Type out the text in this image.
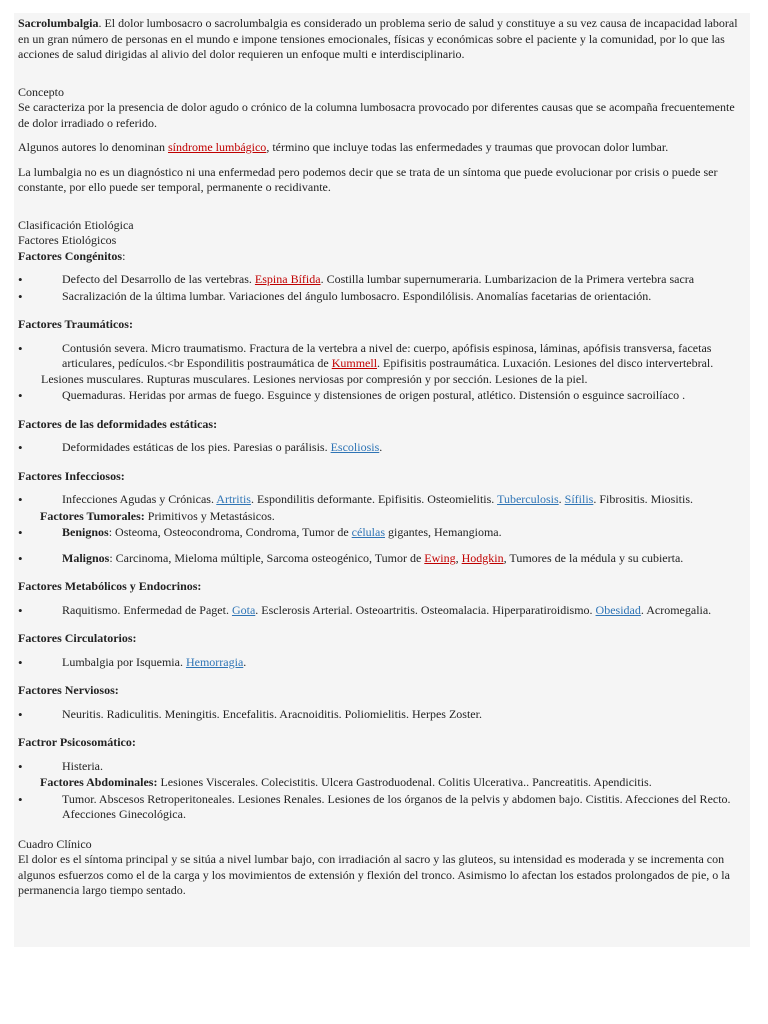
Sacrolumbalgia. El dolor lumbosacro o sacrolumbalgia es considerado un problema serio de salud y constituye a su vez causa de incapacidad laboral en un gran número de personas en el mundo e impone tensiones emocionales, físicas y económicas sobre el paciente y la comunidad, por lo que las acciones de salud dirigidas al alivio del dolor requieren un enfoque multi e interdisciplinario.

Concepto

Se caracteriza por la presencia de dolor agudo o crónico de la columna lumbosacra provocado por diferentes causas que se acompaña frecuentemente de dolor irradiado o referido.

Algunos autores lo denominan síndrome lumbágico, término que incluye todas las enfermedades y traumas que provocan dolor lumbar.

La lumbalgia no es un diagnóstico ni una enfermedad pero podemos decir que se trata de un síntoma que puede evolucionar por crisis o puede ser constante, por ello puede ser temporal, permanente o recidivante.

Clasificación Etiológica

Factores Etiológicos

Factores Congénitos:

• Defecto del Desarrollo de las vertebras. Espina Bífida. Costilla lumbar supernumeraria. Lumbarizacion de la Primera vertebra sacra
• Sacralización de la última lumbar. Variaciones del ángulo lumbosacro. Espondilólisis. Anomalías facetarias de orientación.

Factores Traumáticos:

• Contusión severa. Micro traumatismo. Fractura de la vertebra a nivel de: cuerpo, apófisis espinosa, láminas, apófisis transversa, facetas articulares, pedículos.<br Espondilitis postraumática de Kummell. Epifisitis postraumática. Luxación. Lesiones del disco intervertebral.
Lesiones musculares. Rupturas musculares. Lesiones nerviosas por compresión y por sección. Lesiones de la piel.
• Quemaduras. Heridas por armas de fuego. Esguince y distensiones de origen postural, atlético. Distensión o esguince sacroilíaco .

Factores de las deformidades estáticas:

• Deformidades estáticas de los pies. Paresias o parálisis. Escoliosis.

Factores Infecciosos:

• Infecciones Agudas y Crónicas. Artritis. Espondilitis deformante. Epifisitis. Osteomielitis. Tuberculosis. Sífilis. Fibrositis. Miositis.

Factores Tumorales: Primitivos y Metastásicos.

• Benignos: Osteoma, Osteocondroma, Condroma, Tumor de células gigantes, Hemangioma.
• Malignos: Carcinoma, Mieloma múltiple, Sarcoma osteogénico, Tumor de Ewing, Hodgkin, Tumores de la médula y su cubierta.

Factores Metabólicos y Endocrinos:

• Raquitismo. Enfermedad de Paget. Gota. Esclerosis Arterial. Osteoartritis. Osteomalacia. Hiperparatiroidismo. Obesidad. Acromegalia.

Factores Circulatorios:

• Lumbalgia por Isquemia. Hemorragia.

Factores Nerviosos:

• Neuritis. Radiculitis. Meningitis. Encefalitis. Aracnoiditis. Poliomielitis. Herpes Zoster.

Factror Psicosomático:

• Histeria.

Factores Abdominales: Lesiones Viscerales. Colecistitis. Ulcera Gastroduodenal. Colitis Ulcerativa.. Pancreatitis. Apendicitis.

• Tumor. Abscesos Retroperitoneales. Lesiones Renales. Lesiones de los órganos de la pelvis y abdomen bajo. Cistitis. Afecciones del Recto. Afecciones Ginecológica.

Cuadro Clínico

El dolor es el síntoma principal y se sitúa a nivel lumbar bajo, con irradiación al sacro y las gluteos, su intensidad es moderada y se incrementa con algunos esfuerzos como el de la carga y los movimientos de extensión y flexión del tronco. Asimismo lo afectan los estados prolongados de pie, o la permanencia largo tiempo sentado.
